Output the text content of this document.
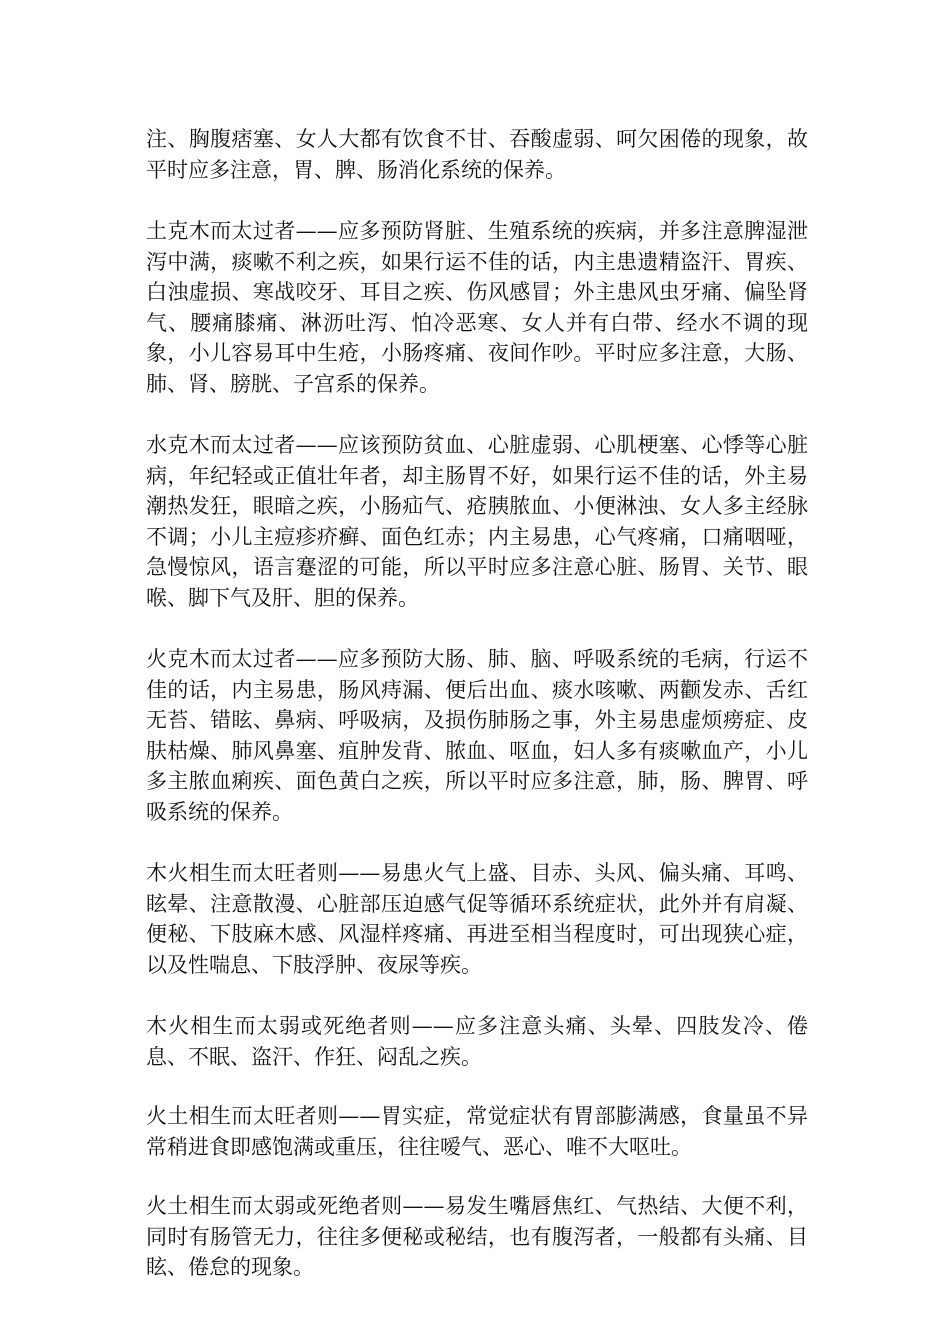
注、胸腹痞塞、女人大都有饮食不甘、吞酸虚弱、呵欠困倦的现象，故平时应多注意，胃、脾、肠消化系统的保养。

土克木而太过者——应多预防肾脏、生殖系统的疾病，并多注意脾湿泄泻中满，痰嗽不利之疾，如果行运不佳的话，内主患遗精盗汗、胃疾、白浊虚损、寒战咬牙、耳目之疾、伤风感冒；外主患风虫牙痛、偏坠肾气、腰痛膝痛、淋沥吐泻、怕冷恶寒、女人并有白带、经水不调的现象，小儿容易耳中生疮，小肠疼痛、夜间作吵。平时应多注意，大肠、肺、肾、膀胱、子宫系的保养。

水克木而太过者——应该预防贫血、心脏虚弱、心肌梗塞、心悸等心脏病，年纪轻或正值壮年者，却主肠胃不好，如果行运不佳的话，外主易潮热发狂，眼暗之疾，小肠疝气、疮胰脓血、小便淋浊、女人多主经脉不调；小儿主痘疹疥癣、面色红赤；内主易患，心气疼痛，口痛咽哑，急慢惊风，语言蹇涩的可能，所以平时应多注意心脏、肠胃、关节、眼喉、脚下气及肝、胆的保养。

火克木而太过者——应多预防大肠、肺、脑、呼吸系统的毛病，行运不佳的话，内主易患，肠风痔漏、便后出血、痰水咳嗽、两颧发赤、舌红无苔、错眩、鼻病、呼吸病，及损伤肺肠之事，外主易患虚烦痨症、皮肤枯燥、肺风鼻塞、疽肿发背、脓血、呕血，妇人多有痰嗽血产，小儿多主脓血痢疾、面色黄白之疾，所以平时应多注意，肺，肠、脾胃、呼吸系统的保养。

木火相生而太旺者则——易患火气上盛、目赤、头风、偏头痛、耳鸣、眩晕、注意散漫、心脏部压迫感气促等循环系统症状，此外并有肩凝、便秘、下肢麻木感、风湿样疼痛、再进至相当程度时，可出现狭心症，以及性喘息、下肢浮肿、夜尿等疾。

木火相生而太弱或死绝者则——应多注意头痛、头晕、四肢发冷、倦息、不眠、盗汗、作狂、闷乱之疾。

火土相生而太旺者则——胃实症，常觉症状有胃部膨满感，食量虽不异常稍进食即感饱满或重压，往往嗳气、恶心、唯不大呕吐。

火土相生而太弱或死绝者则——易发生嘴唇焦红、气热结、大便不利，同时有肠管无力，往往多便秘或秘结，也有腹泻者，一般都有头痛、目眩、倦怠的现象。
